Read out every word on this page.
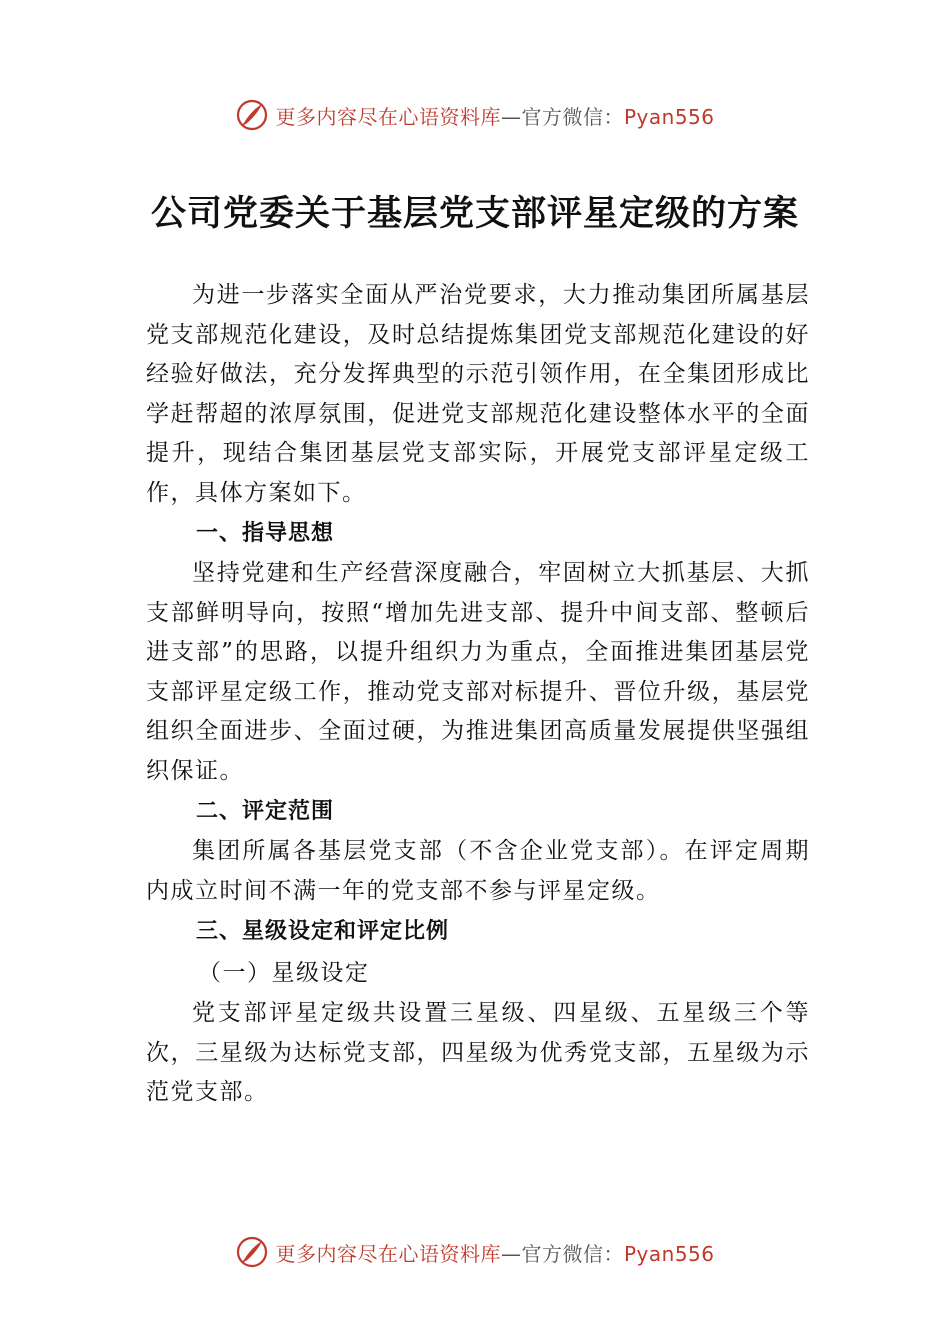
更多内容尽在心语资料库—官方微信：Pyan556
公司党委关于基层党支部评星定级的方案

为进一步落实全面从严治党要求，大力推动集团所属基层党支部规范化建设，及时总结提炼集团党支部规范化建设的好经验好做法，充分发挥典型的示范引领作用，在全集团形成比学赶帮超的浓厚氛围，促进党支部规范化建设整体水平的全面提升，现结合集团基层党支部实际，开展党支部评星定级工作，具体方案如下。

一、指导思想

坚持党建和生产经营深度融合，牢固树立大抓基层、大抓支部鲜明导向，按照“增加先进支部、提升中间支部、整顿后进支部”的思路，以提升组织力为重点，全面推进集团基层党支部评星定级工作，推动党支部对标提升、晋位升级，基层党组织全面进步、全面过硬，为推进集团高质量发展提供坚强组织保证。

二、评定范围

集团所属各基层党支部（不含企业党支部）。在评定周期内成立时间不满一年的党支部不参与评星定级。

三、星级设定和评定比例

（一）星级设定

党支部评星定级共设置三星级、四星级、五星级三个等次，三星级为达标党支部，四星级为优秀党支部，五星级为示范党支部。

更多内容尽在心语资料库—官方微信：Pyan556
